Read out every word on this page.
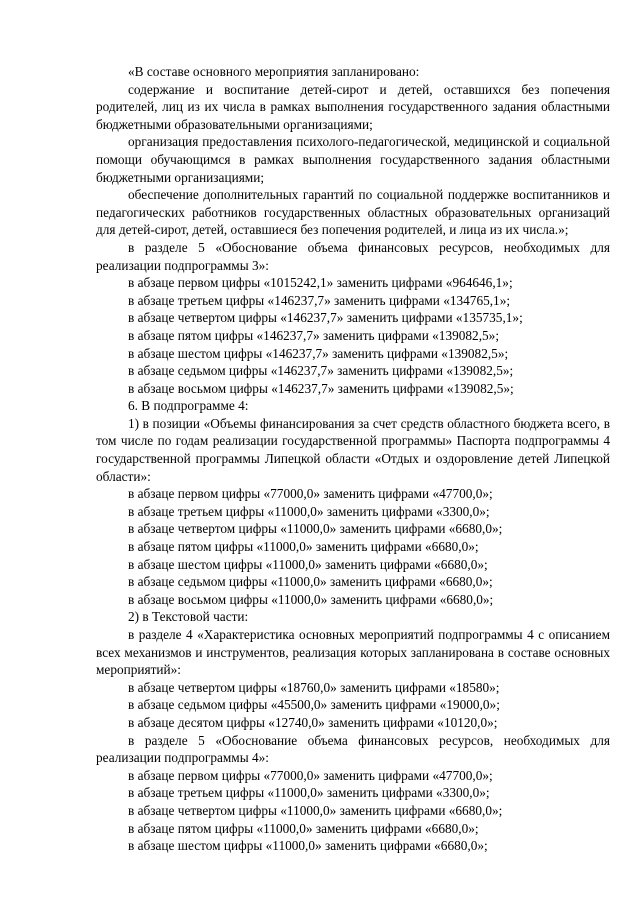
«В составе основного мероприятия запланировано:

содержание и воспитание детей-сирот и детей, оставшихся без попечения родителей, лиц из их числа в рамках выполнения государственного задания областными бюджетными образовательными организациями;

организация предоставления психолого-педагогической, медицинской и социальной помощи обучающимся в рамках выполнения государственного задания областными бюджетными организациями;

обеспечение дополнительных гарантий по социальной поддержке воспитанников и педагогических работников государственных областных образовательных организаций для детей-сирот, детей, оставшиеся без попечения родителей, и лица из их числа.»;

в разделе 5 «Обоснование объема финансовых ресурсов, необходимых для реализации подпрограммы 3»:

в абзаце первом цифры «1015242,1» заменить цифрами «964646,1»;

в абзаце третьем цифры «146237,7» заменить цифрами «134765,1»;

в абзаце четвертом цифры «146237,7» заменить цифрами «135735,1»;

в абзаце пятом цифры «146237,7» заменить цифрами «139082,5»;

в абзаце шестом цифры «146237,7» заменить цифрами «139082,5»;

в абзаце седьмом цифры «146237,7» заменить цифрами «139082,5»;

в абзаце восьмом цифры «146237,7» заменить цифрами «139082,5»;

6. В подпрограмме 4:

1) в позиции «Объемы финансирования за счет средств областного бюджета всего, в том числе по годам реализации государственной программы» Паспорта подпрограммы 4 государственной программы Липецкой области «Отдых и оздоровление детей Липецкой области»:

в абзаце первом цифры «77000,0» заменить цифрами «47700,0»;

в абзаце третьем цифры «11000,0» заменить цифрами «3300,0»;

в абзаце четвертом цифры «11000,0» заменить цифрами «6680,0»;

в абзаце пятом цифры «11000,0» заменить цифрами «6680,0»;

в абзаце шестом цифры «11000,0» заменить цифрами «6680,0»;

в абзаце седьмом цифры «11000,0» заменить цифрами «6680,0»;

в абзаце восьмом цифры «11000,0» заменить цифрами «6680,0»;

2) в Текстовой части:

в разделе 4 «Характеристика основных мероприятий подпрограммы 4 с описанием всех механизмов и инструментов, реализация которых запланирована в составе основных мероприятий»:

в абзаце четвертом цифры «18760,0» заменить цифрами «18580»;

в абзаце седьмом цифры «45500,0» заменить цифрами «19000,0»;

в абзаце десятом цифры «12740,0» заменить цифрами «10120,0»;

в разделе 5 «Обоснование объема финансовых ресурсов, необходимых для реализации подпрограммы 4»:

в абзаце первом цифры «77000,0» заменить цифрами «47700,0»;

в абзаце третьем цифры «11000,0» заменить цифрами «3300,0»;

в абзаце четвертом цифры «11000,0» заменить цифрами «6680,0»;

в абзаце пятом цифры «11000,0» заменить цифрами «6680,0»;

в абзаце шестом цифры «11000,0» заменить цифрами «6680,0»;
